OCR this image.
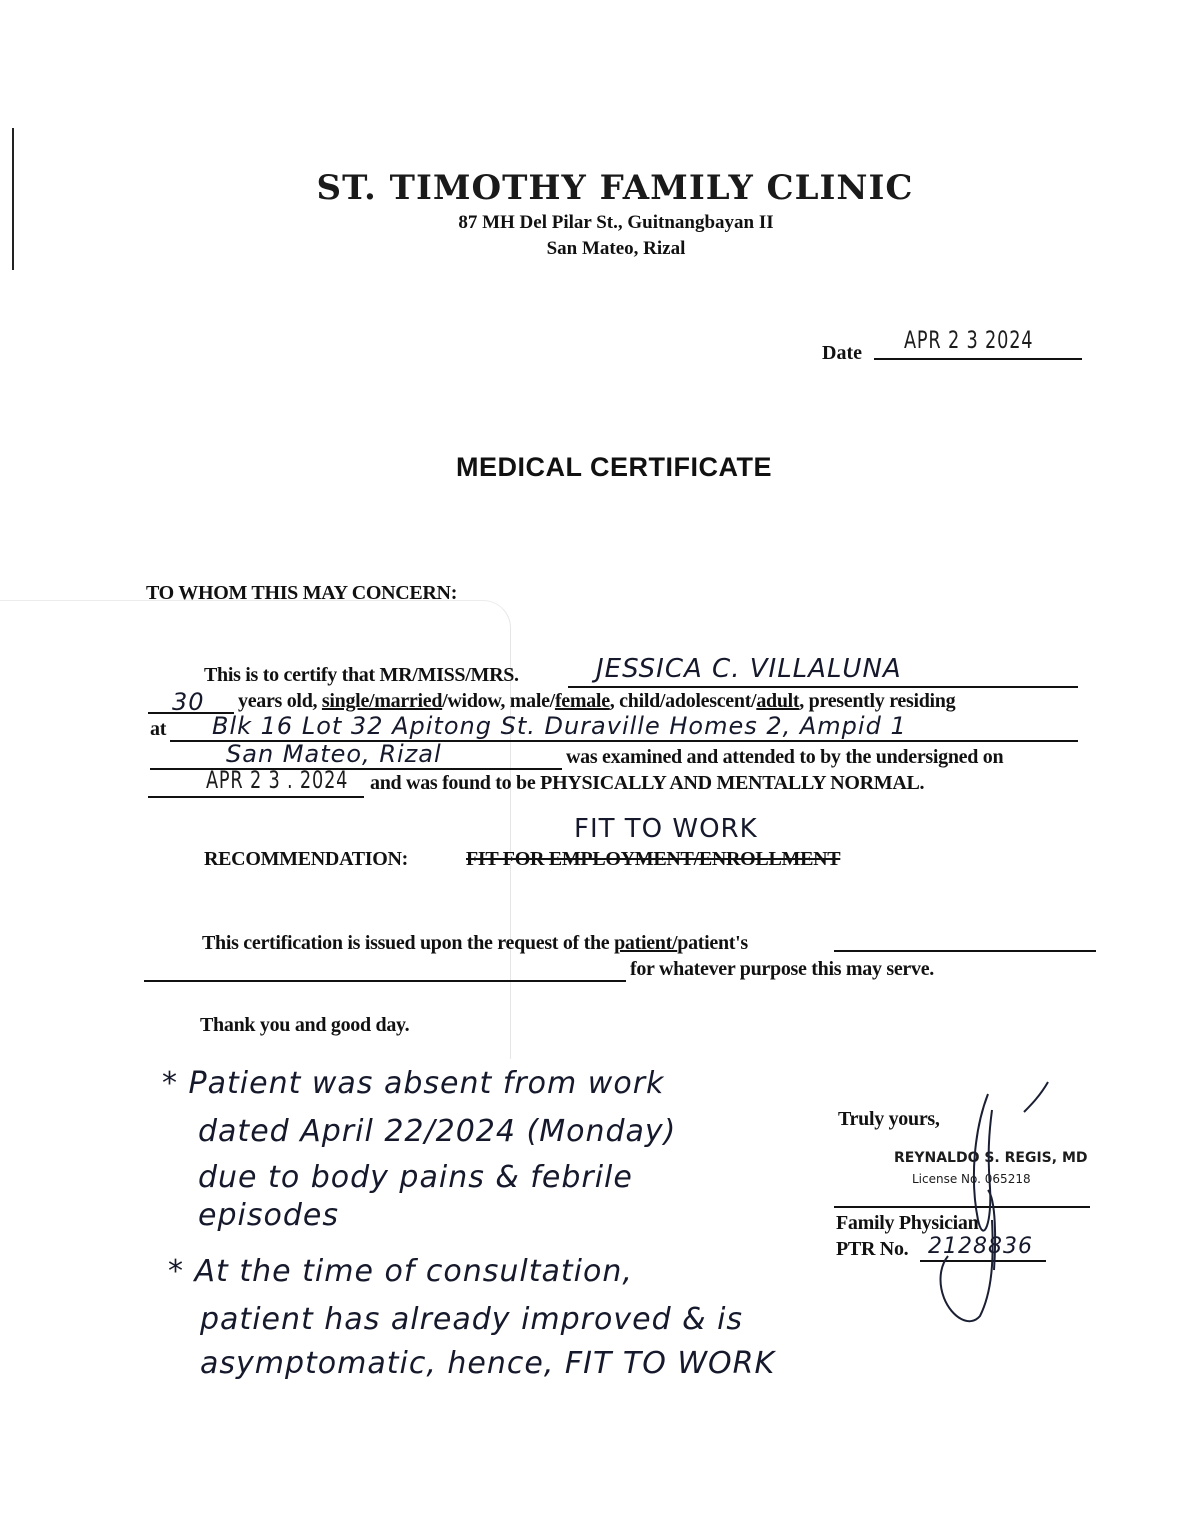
ST. TIMOTHY FAMILY CLINIC
87 MH Del Pilar St., Guitnangbayan II
San Mateo, Rizal
Date APR 2 3 2024
MEDICAL CERTIFICATE
TO WHOM THIS MAY CONCERN:
This is to certify that MR/MISS/MRS.	JESSICA C. VILLALUNA
30 years old, single/married/widow, male/female, child/adolescent/adult, presently residing
at Blk 16 Lot 32 Apitong St. Duraville Homes 2, Ampid 1
San Mateo, Rizal	was examined and attended to by the undersigned on
APR 2 3 . 2024 and was found to be PHYSICALLY AND MENTALLY NORMAL.
FIT TO WORK
RECOMMENDATION:	FIT FOR EMPLOYMENT/ENROLLMENT
This certification is issued upon the request of the patient/patient's
for whatever purpose this may serve.
Thank you and good day.
* Patient was absent from work
dated April 22/2024 (Monday)
due to body pains & febrile
episodes
* At the time of consultation,
patient has already improved & is
asymptomatic, hence, FIT TO WORK
Truly yours,
REYNALDO S. REGIS, MD
License No. 065218
Family Physician
PTR No. 2128836
